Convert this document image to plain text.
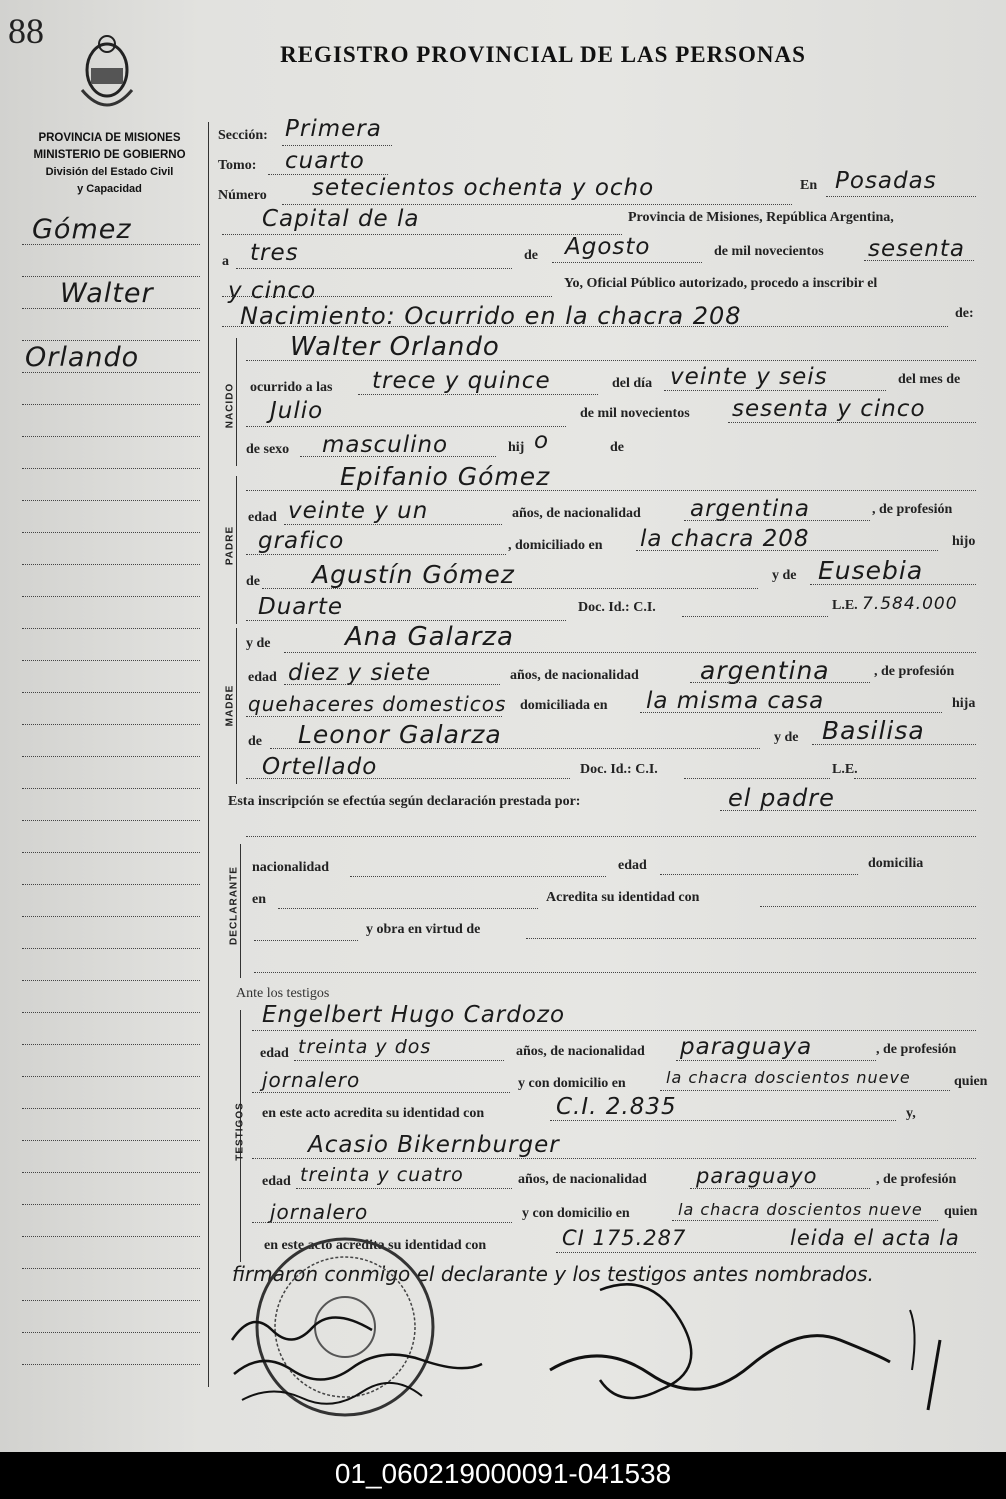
88
REGISTRO PROVINCIAL DE LAS PERSONAS
PROVINCIA DE MISIONES
MINISTERIO DE GOBIERNO
División del Estado Civil
y Capacidad
Gómez
Walter
Orlando
Sección: Primera
Tomo: cuarto
Número setecientos ochenta y ocho	En Posadas
Capital de la	Provincia de Misiones, República Argentina,
a tres	de Agosto	de mil novecientos sesenta
y cinco	Yo, Oficial Público autorizado, procedo a inscribir el
Nacimiento: Ocurrido en la chacra 208	de:
NACIDO
Walter Orlando
ocurrido a las trece y quince	del día veinte y seis	del mes de
Julio	de mil novecientos sesenta y cinco
de sexo masculino	hij o	de
PADRE
Epifanio Gómez
edad veinte y un	años, de nacionalidad argentina	, de profesión
grafico	, domiciliado en la chacra 208	hijo
de Agustín Gómez	y de Eusebia
Duarte	Doc. Id.: C.I.	L.E. 7.584.000
MADRE
y de	Ana Galarza
edad diez y siete	años, de nacionalidad argentina	, de profesión
quehaceres domesticos domiciliada en la misma casa	hija
de Leonor Galarza	y de Basilisa
Ortellado	Doc. Id.: C.I.	L.E.
Esta inscripción se efectúa según declaración prestada por:	el padre
DECLARANTE nacionalidad	edad	domicilia
en	Acredita su identidad con
y obra en virtud de
Ante los testigos
TESTIGOS
Engelbert Hugo Cardozo
edad treinta y dos	años, de nacionalidad paraguaya	, de profesión
jornalero	y con domicilio en	la chacra doscientos nueve	quien
en este acto acredita su identidad con	C.I. 2.835	y,
Acasio Bikernburger
edad treinta y cuatro	años, de nacionalidad paraguayo	, de profesión
jornalero	y con domicilio en	la chacra doscientos nueve quien
en este acto acredita su identidad con	CI 175.287	leida el acta la
firmaron conmigo el declarante y los testigos antes nombrados.
01_060219000091-041538
